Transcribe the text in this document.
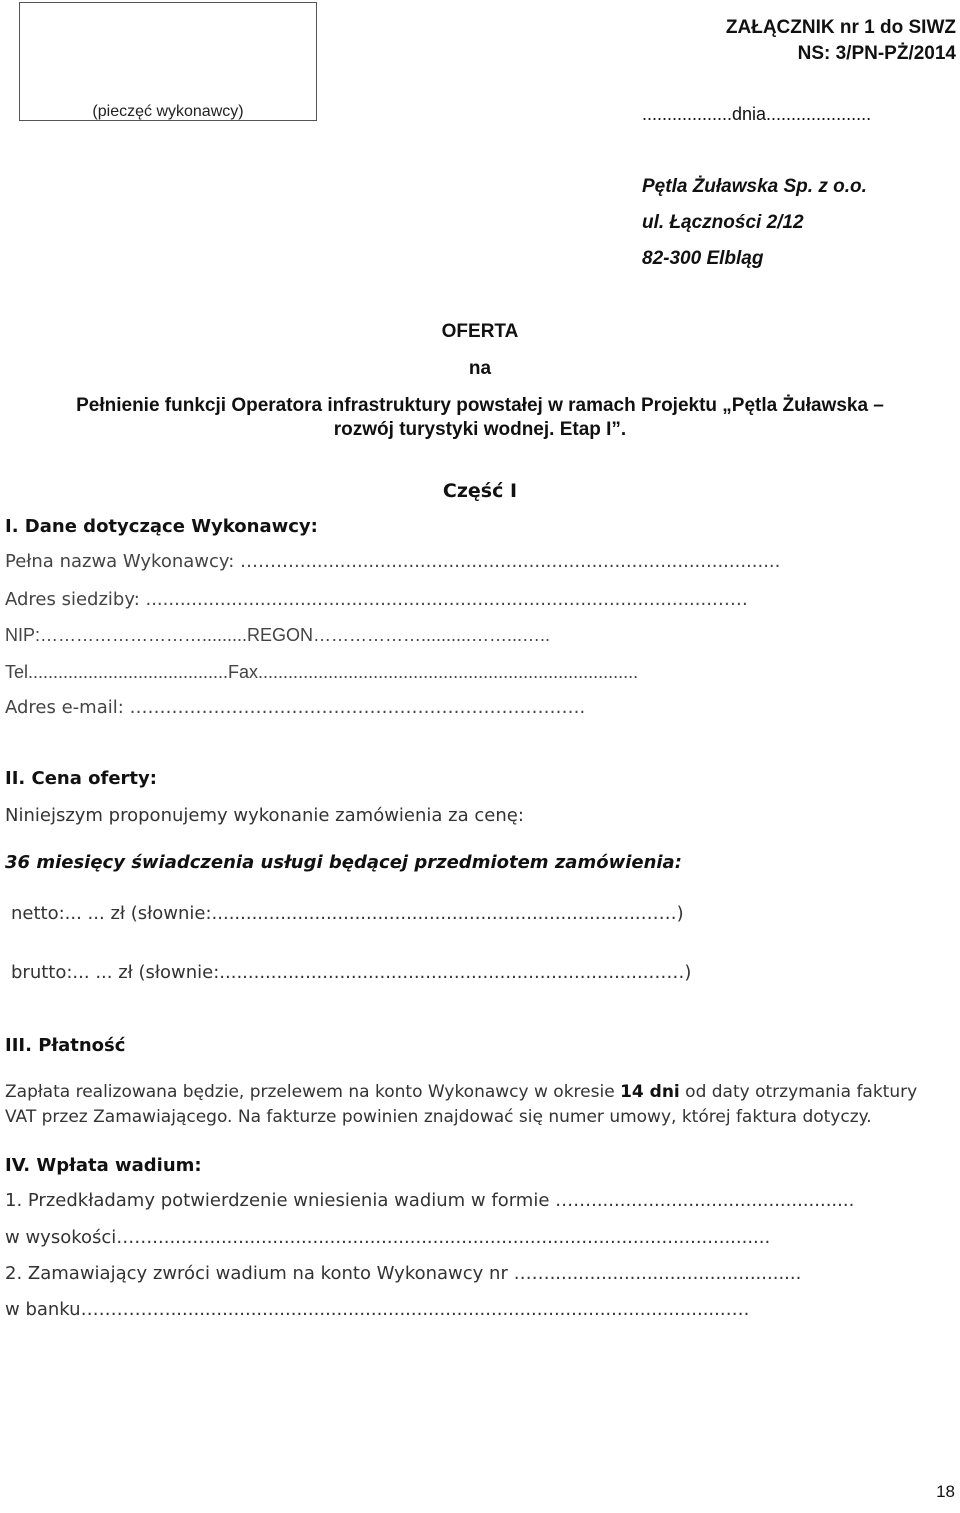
(pieczęć wykonawcy)
ZAŁĄCZNIK nr 1 do SIWZ
NS: 3/PN-PŻ/2014
..................dnia.....................
Pętla Żuławska Sp. z o.o.
ul. Łączności 2/12
82-300 Elbląg
OFERTA
na
Pełnienie funkcji Operatora infrastruktury powstałej w ramach Projektu „Pętla Żuławska –
rozwój turystyki wodnej. Etap I”.
Część I
I. Dane dotyczące Wykonawcy:
Pełna nazwa Wykonawcy: ……….....................................................................................
Adres siedziby: ...................................................................................................……
NIP:……………………….........REGON………………..........……...…..
Tel........................................Fax............................................................................
Adres e-mail: ………………………………………………………………….
II. Cena oferty:
Niniejszym proponujemy wykonanie zamówienia za cenę:
36 miesięcy świadczenia usługi będącej przedmiotem zamówienia:
netto:... ... zł (słownie:...........................................................................……)
brutto:... ... zł (słownie:...........................................................................……)
III. Płatność
Zapłata realizowana będzie, przelewem na konto Wykonawcy w okresie 14 dni od daty otrzymania faktury
VAT przez Zamawiającego. Na fakturze powinien znajdować się numer umowy, której faktura dotyczy.
IV. Wpłata wadium:
1. Przedkładamy potwierdzenie wniesienia wadium w formie ……..............................................
w wysokości……............................................................................................................
2. Zamawiający zwróci wadium na konto Wykonawcy nr ……............................................
w banku…………….................................................................................................….
18
